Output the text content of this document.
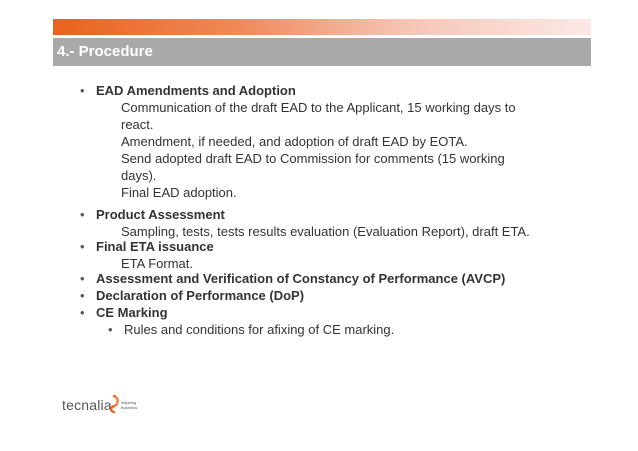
4.- Procedure
• EAD Amendments and Adoption
Communication of the draft EAD to the Applicant, 15 working days to
react.
Amendment, if needed, and adoption of draft EAD by EOTA.
Send adopted draft EAD to Commission for comments (15 working
days).
Final EAD adoption.
• Product Assessment
Sampling, tests, tests results evaluation (Evaluation Report), draft ETA.
• Final ETA issuance
ETA Format.
• Assessment and Verification of Constancy of Performance (AVCP)
• Declaration of Performance (DoP)
• CE Marking
• Rules and conditions for afixing of CE marking.
tecnalia Inspiring
Business
